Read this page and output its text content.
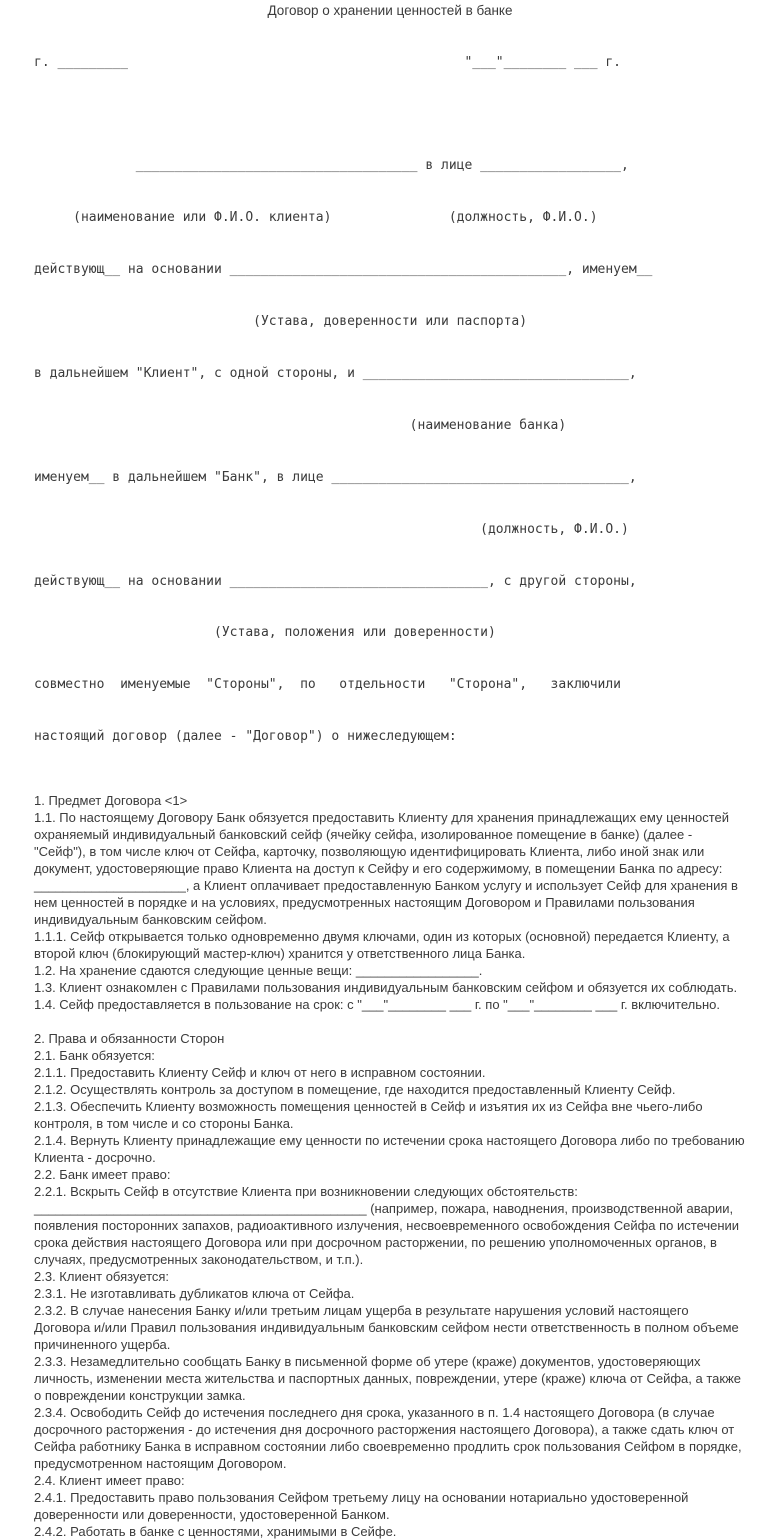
Договор о хранении ценностей в банке

г. _________                                           "___"________ ___ г.

____________________________________ в лице __________________,

(наименование или Ф.И.О. клиента)               (должность, Ф.И.О.)

действующ__ на основании ___________________________________________, именуем__

(Устава, доверенности или паспорта)

в дальнейшем "Клиент", с одной стороны, и __________________________________,

(наименование банка)

именуем__ в дальнейшем "Банк", в лице ______________________________________,

(должность, Ф.И.О.)

действующ__ на основании _________________________________, с другой стороны,

(Устава, положения или доверенности)

совместно  именуемые  "Стороны",  по   отдельности   "Сторона",   заключили

настоящий договор (далее - "Договор") о нижеследующем:

1. Предмет Договора <1>

1.1. По настоящему Договору Банк обязуется предоставить Клиенту для хранения принадлежащих ему ценностей охраняемый индивидуальный банковский сейф (ячейку сейфа, изолированное помещение в банке) (далее - "Сейф"), в том числе ключ от Сейфа, карточку, позволяющую идентифицировать Клиента, либо иной знак или документ, удостоверяющие право Клиента на доступ к Сейфу и его содержимому, в помещении Банка по адресу: _____________________, а Клиент оплачивает предоставленную Банком услугу и использует Сейф для хранения в нем ценностей в порядке и на условиях, предусмотренных настоящим Договором и Правилами пользования индивидуальным банковским сейфом.

1.1.1. Сейф открывается только одновременно двумя ключами, один из которых (основной) передается Клиенту, а второй ключ (блокирующий мастер-ключ) хранится у ответственного лица Банка.

1.2. На хранение сдаются следующие ценные вещи: _________________.

1.3. Клиент ознакомлен с Правилами пользования индивидуальным банковским сейфом и обязуется их соблюдать.

1.4. Сейф предоставляется в пользование на срок: с "___"________ ___ г. по "___"________ ___ г. включительно.

2. Права и обязанности Сторон

2.1. Банк обязуется:

2.1.1. Предоставить Клиенту Сейф и ключ от него в исправном состоянии.

2.1.2. Осуществлять контроль за доступом в помещение, где находится предоставленный Клиенту Сейф.

2.1.3. Обеспечить Клиенту возможность помещения ценностей в Сейф и изъятия их из Сейфа вне чьего-либо контроля, в том числе и со стороны Банка.

2.1.4. Вернуть Клиенту принадлежащие ему ценности по истечении срока настоящего Договора либо по требованию Клиента - досрочно.

2.2. Банк имеет право:

2.2.1. Вскрыть Сейф в отсутствие Клиента при возникновении следующих обстоятельств: ______________________________________________ (например, пожара, наводнения, производственной аварии, появления посторонних запахов, радиоактивного излучения, несвоевременного освобождения Сейфа по истечении срока действия настоящего Договора или при досрочном расторжении, по решению уполномоченных органов, в случаях, предусмотренных законодательством, и т.п.).

2.3. Клиент обязуется:

2.3.1. Не изготавливать дубликатов ключа от Сейфа.

2.3.2. В случае нанесения Банку и/или третьим лицам ущерба в результате нарушения условий настоящего Договора и/или Правил пользования индивидуальным банковским сейфом нести ответственность в полном объеме причиненного ущерба.

2.3.3. Незамедлительно сообщать Банку в письменной форме об утере (краже) документов, удостоверяющих личность, изменении места жительства и паспортных данных, повреждении, утере (краже) ключа от Сейфа, а также о повреждении конструкции замка.

2.3.4. Освободить Сейф до истечения последнего дня срока, указанного в п. 1.4 настоящего Договора (в случае досрочного расторжения - до истечения дня досрочного расторжения настоящего Договора), а также сдать ключ от Сейфа работнику Банка в исправном состоянии либо своевременно продлить срок пользования Сейфом в порядке, предусмотренном настоящим Договором.

2.4. Клиент имеет право:

2.4.1. Предоставить право пользования Сейфом третьему лицу на основании нотариально удостоверенной доверенности или доверенности, удостоверенной Банком.

2.4.2. Работать в банке с ценностями, хранимыми в Сейфе.
